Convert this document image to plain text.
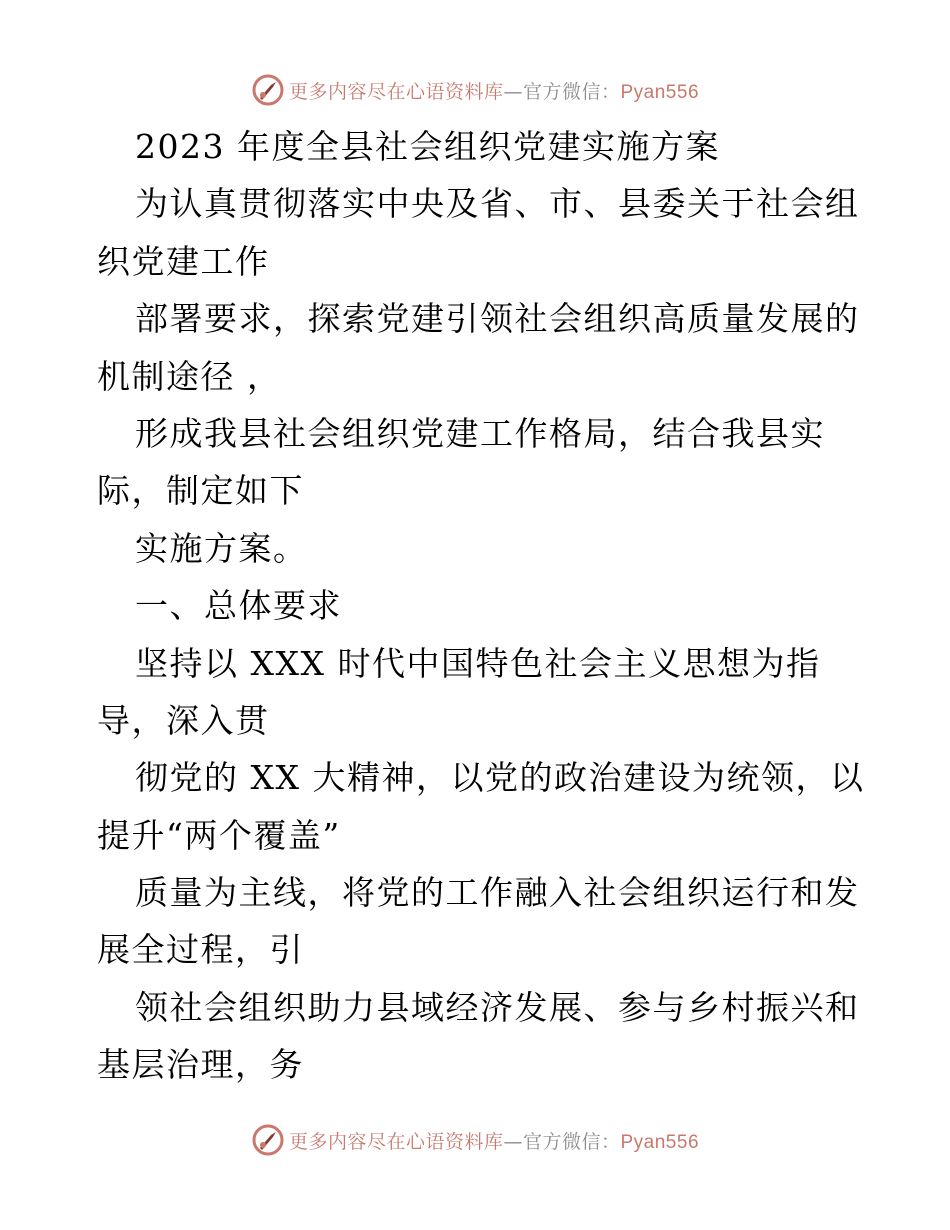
更多内容尽在心语资料库—官方微信：Pyan556
2023 年度全县社会组织党建实施方案
为认真贯彻落实中央及省、市、县委关于社会组
织党建工作
部署要求，探索党建引领社会组织高质量发展的
机制途径 ，
形成我县社会组织党建工作格局，结合我县实
际，制定如下
实施方案。
一、总体要求
坚持以 XXX 时代中国特色社会主义思想为指
导，深入贯
彻党的 XX 大精神，以党的政治建设为统领，以
提升“两个覆盖”
质量为主线，将党的工作融入社会组织运行和发
展全过程，引
领社会组织助力县域经济发展、参与乡村振兴和
基层治理，务
更多内容尽在心语资料库—官方微信：Pyan556
